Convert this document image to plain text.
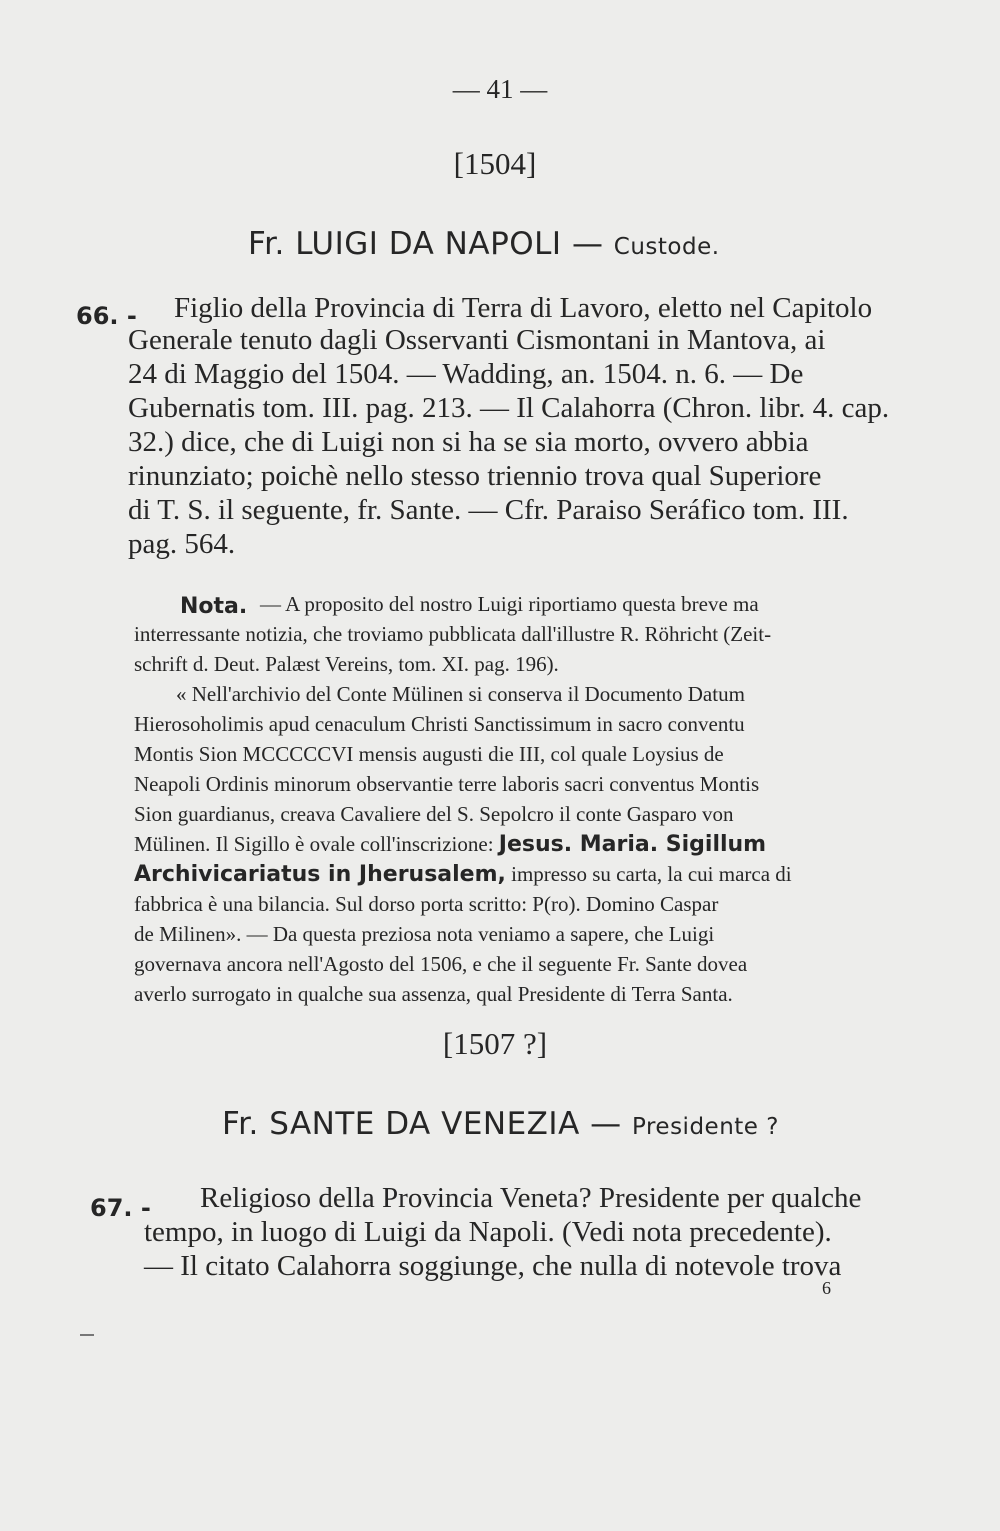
— 41 —
[1504]
Fr. LUIGI DA NAPOLI — Custode.
66. - Figlio della Provincia di Terra di Lavoro, eletto nel Capitolo
Generale tenuto dagli Osservanti Cismontani in Mantova, ai
24 di Maggio del 1504. — Wadding, an. 1504. n. 6. — De
Gubernatis tom. III. pag. 213. — Il Calahorra (Chron. libr. 4. cap.
32.) dice, che di Luigi non si ha se sia morto, ovvero abbia
rinunziato; poichè nello stesso triennio trova qual Superiore
di T. S. il seguente, fr. Sante. — Cfr. Paraiso Seráfico tom. III.
pag. 564.
Nota. — A proposito del nostro Luigi riportiamo questa breve ma
interressante notizia, che troviamo pubblicata dall'illustre R. Röhricht (Zeit-
schrift d. Deut. Palæst Vereins, tom. XI. pag. 196).
« Nell'archivio del Conte Mülinen si conserva il Documento Datum
Hierosoholimis apud cenaculum Christi Sanctissimum in sacro conventu
Montis Sion MCCCCCVI mensis augusti die III, col quale Loysius de
Neapoli Ordinis minorum observantie terre laboris sacri conventus Montis
Sion guardianus, creava Cavaliere del S. Sepolcro il conte Gasparo von
Mülinen. Il Sigillo è ovale coll'inscrizione: Jesus. Maria. Sigillum
Archivicariatus in Jherusalem, impresso su carta, la cui marca di
fabbrica è una bilancia. Sul dorso porta scritto: P(ro). Domino Caspar
de Milinen». — Da questa preziosa nota veniamo a sapere, che Luigi
governava ancora nell'Agosto del 1506, e che il seguente Fr. Sante dovea
averlo surrogato in qualche sua assenza, qual Presidente di Terra Santa.
[1507 ?]
Fr. SANTE DA VENEZIA — Presidente ?
67. - Religioso della Provincia Veneta? Presidente per qualche
tempo, in luogo di Luigi da Napoli. (Vedi nota precedente).
— Il citato Calahorra soggiunge, che nulla di notevole trova
6
